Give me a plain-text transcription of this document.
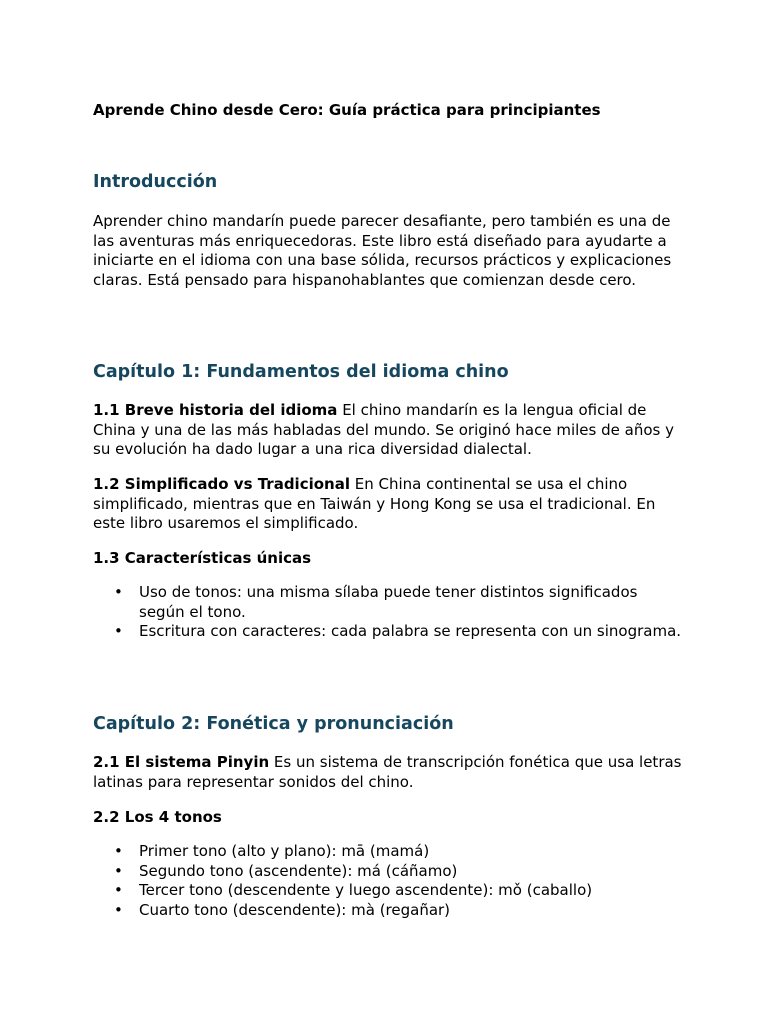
Aprende Chino desde Cero: Guía práctica para principiantes
Introducción
Aprender chino mandarín puede parecer desafiante, pero también es una de las aventuras más enriquecedoras. Este libro está diseñado para ayudarte a iniciarte en el idioma con una base sólida, recursos prácticos y explicaciones claras. Está pensado para hispanohablantes que comienzan desde cero.
Capítulo 1: Fundamentos del idioma chino
1.1 Breve historia del idioma El chino mandarín es la lengua oficial de China y una de las más habladas del mundo. Se originó hace miles de años y su evolución ha dado lugar a una rica diversidad dialectal.
1.2 Simplificado vs Tradicional En China continental se usa el chino simplificado, mientras que en Taiwán y Hong Kong se usa el tradicional. En este libro usaremos el simplificado.
1.3 Características únicas
• Uso de tonos: una misma sílaba puede tener distintos significados según el tono.
• Escritura con caracteres: cada palabra se representa con un sinograma.
Capítulo 2: Fonética y pronunciación
2.1 El sistema Pinyin Es un sistema de transcripción fonética que usa letras latinas para representar sonidos del chino.
2.2 Los 4 tonos
• Primer tono (alto y plano): mā (mamá)
• Segundo tono (ascendente): má (cáñamo)
• Tercer tono (descendente y luego ascendente): mǒ (caballo)
• Cuarto tono (descendente): mà (regañar)
